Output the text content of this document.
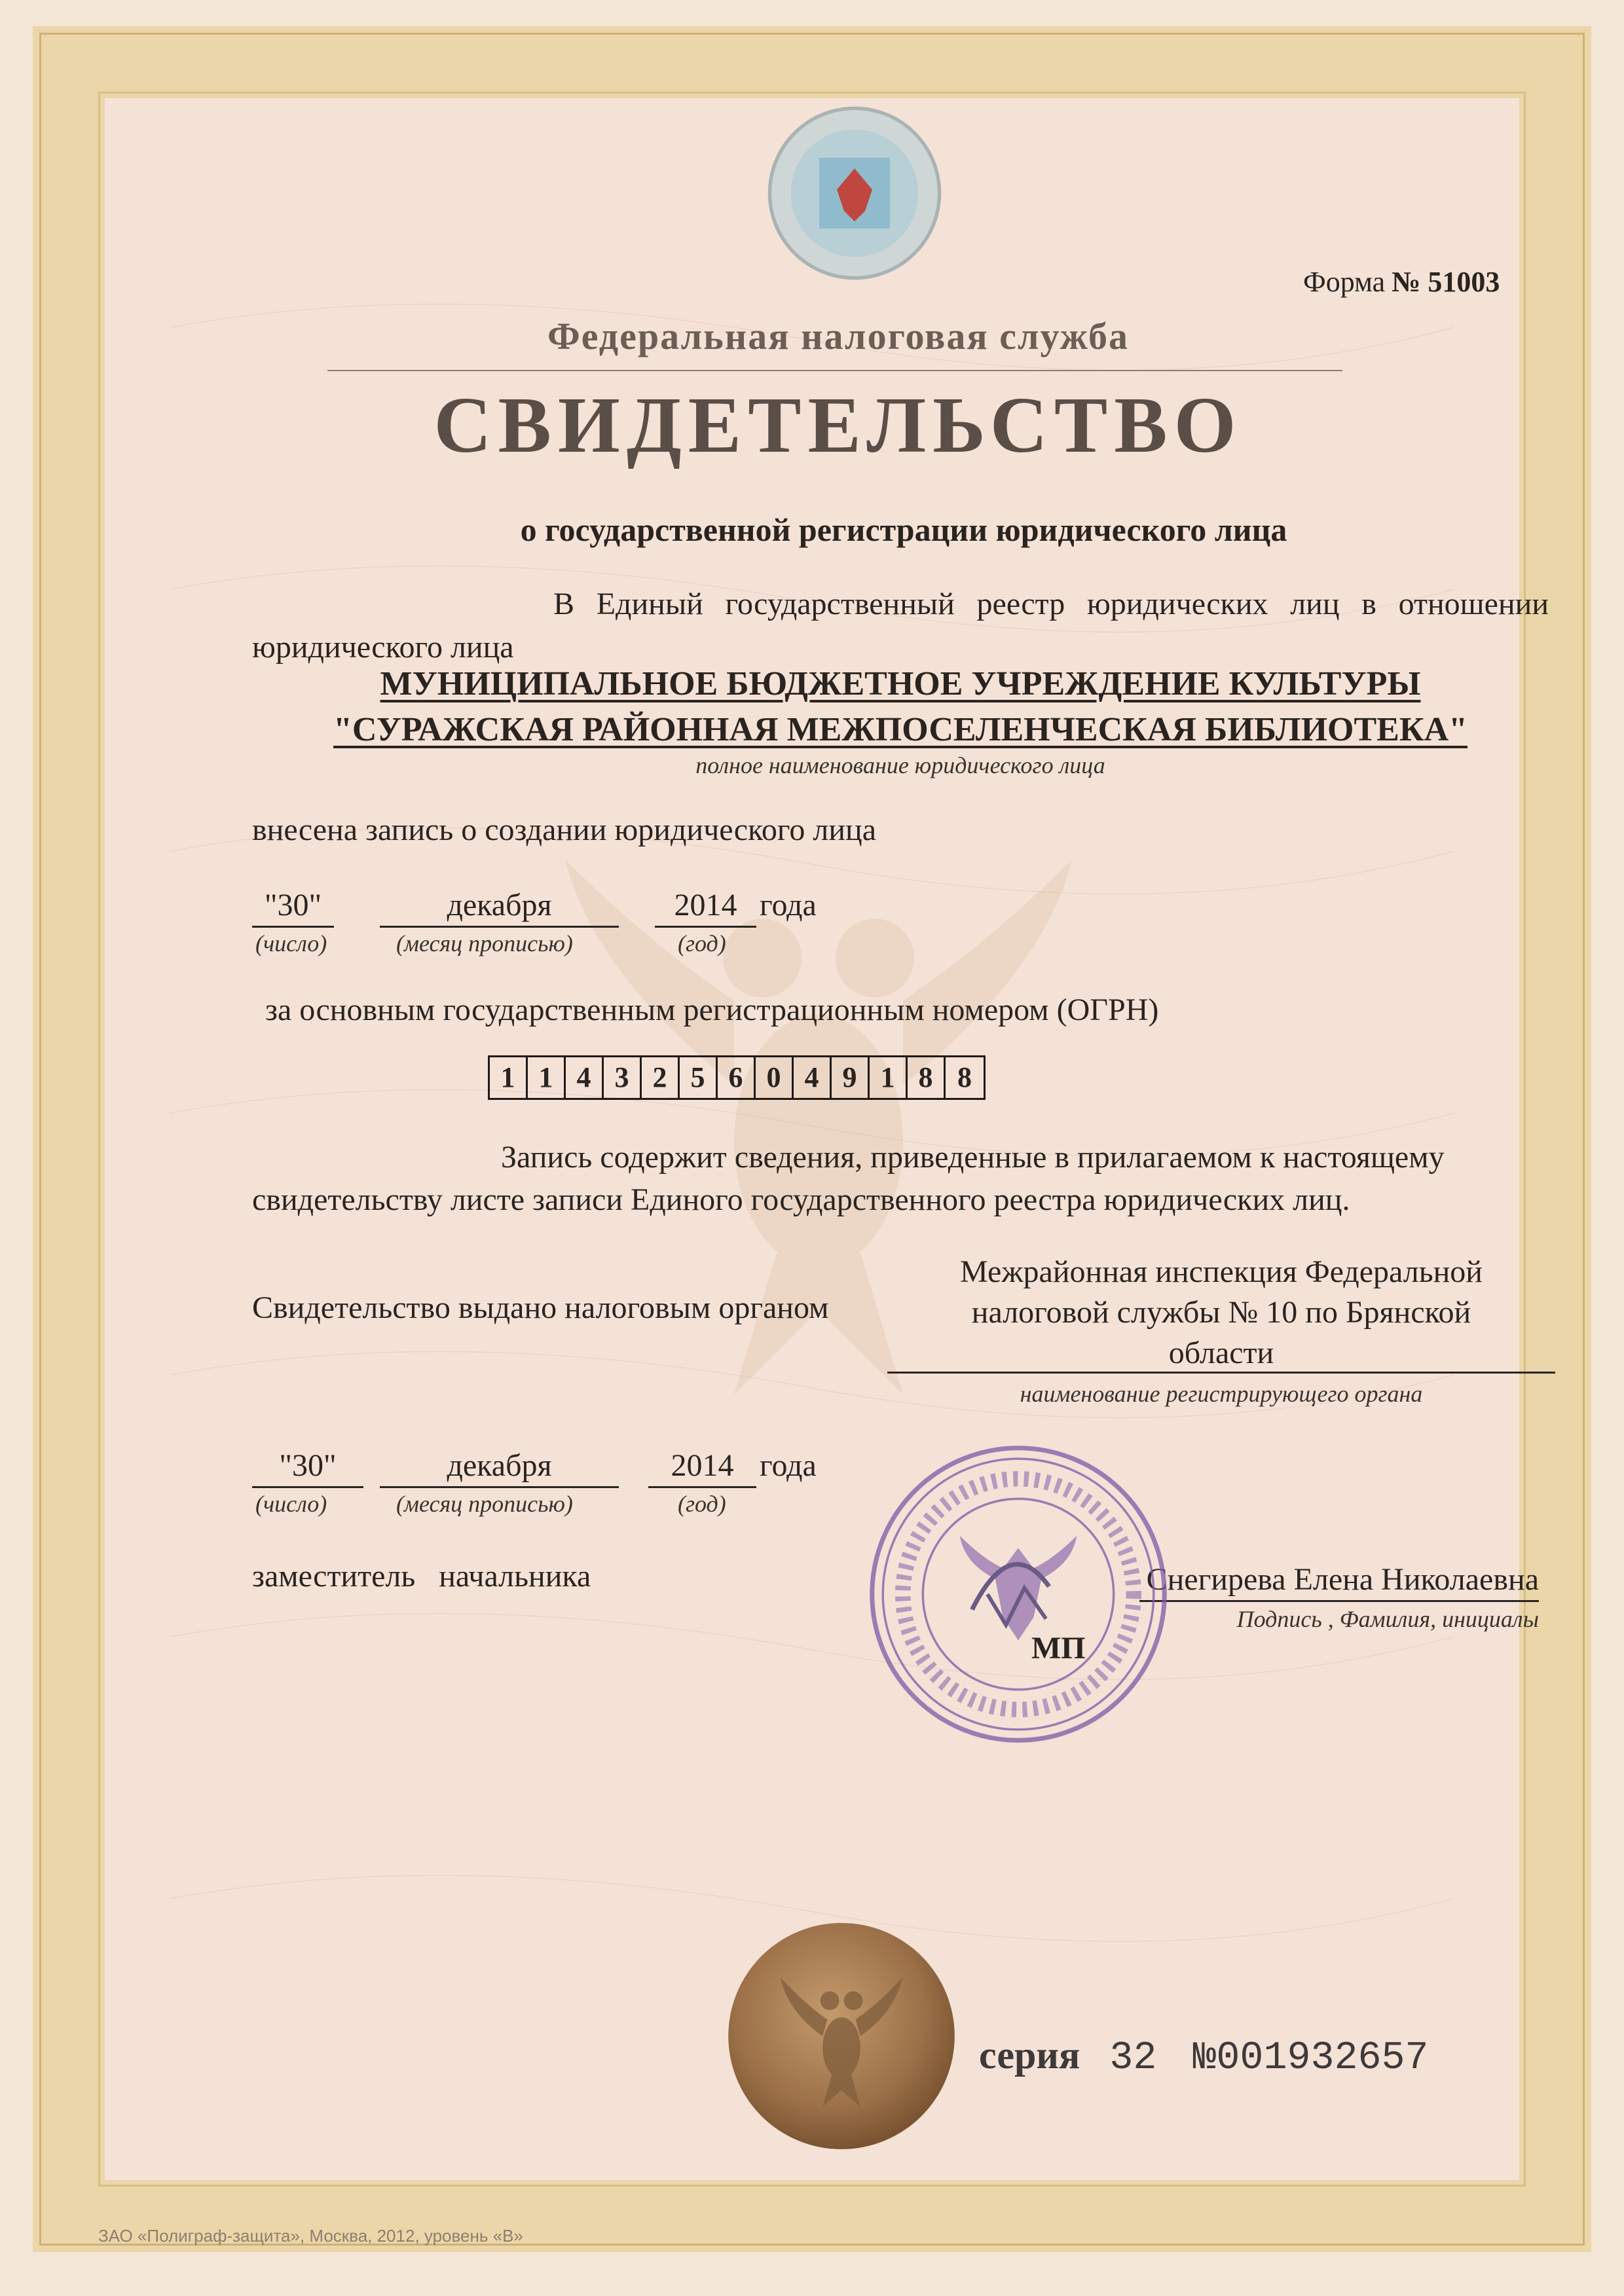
Форма № 51003
Федеральная налоговая служба
СВИДЕТЕЛЬСТВО
о государственной регистрации юридического лица
В Единый государственный реестр юридических лиц в отношении юридического лица
МУНИЦИПАЛЬНОЕ БЮДЖЕТНОЕ УЧРЕЖДЕНИЕ КУЛЬТУРЫ
"СУРАЖСКАЯ РАЙОННАЯ МЕЖПОСЕЛЕНЧЕСКАЯ БИБЛИОТЕКА"
полное наименование юридического лица
внесена запись о создании юридического лица
"30"	декабря	2014 года
(число)	(месяц прописью)	(год)
за основным государственным регистрационным номером (ОГРН)
1 1 4 3 2 5 6 0 4 9 1 8 8
Запись содержит сведения, приведенные в прилагаемом к настоящему
свидетельству листе записи Единого государственного реестра юридических лиц.
Свидетельство выдано налоговым органом
Межрайонная инспекция Федеральной
налоговой службы № 10 по Брянской
области
наименование регистрирующего органа
"30"	декабря	2014 года
(число)	(месяц прописью)	(год)
заместитель   начальника	Снегирева Елена Николаевна
Подпись , Фамилия, инициалы
МП
серия 32 №001932657
ЗАО «Полиграф-защита», Москва, 2012, уровень «В»
